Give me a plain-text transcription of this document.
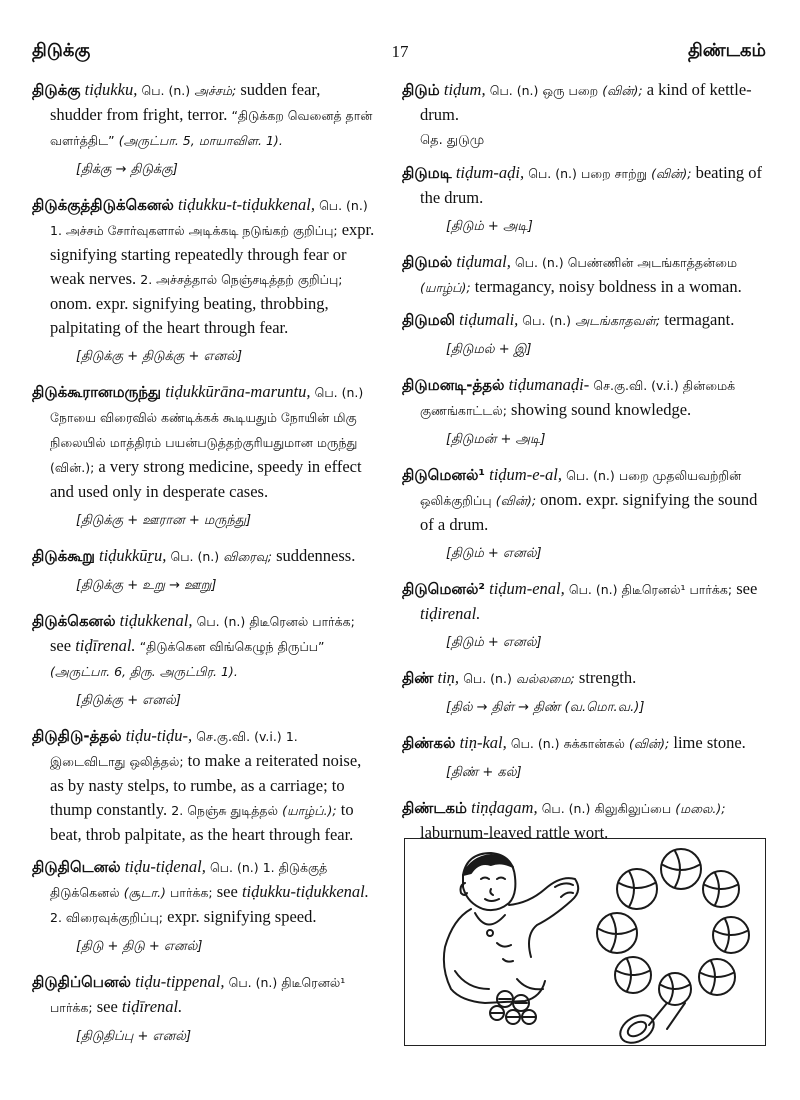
திடுக்கு	17	திண்டகம்

திடுக்கு tiḍukku, பெ. (n.) அச்சம்; sudden fear, shudder from fright, terror. “திடுக்கற வெனைத் தான் வளர்த்திட” (அருட்பா. 5, மாயாவிள. 1).

[திக்கு → திடுக்கு]

திடுக்குத்திடுக்கெனல் tiḍukku-t-tiḍukkenal, பெ. (n.) 1. அச்சம் சோர்வுகளால் அடிக்கடி நடுங்கற் குறிப்பு; expr. signifying starting repeatedly through fear or weak nerves. 2. அச்சத்தால் நெஞ்சடித்தற் குறிப்பு; onom. expr. signifying beating, throbbing, palpitating of the heart through fear.

[திடுக்கு + திடுக்கு + எனல்]

திடுக்கூரானமருந்து tiḍukkūrāna-maruntu, பெ. (n.) நோயை விரைவில் கண்டிக்கக் கூடியதும் நோயின் மிகு நிலையில் மாத்திரம் பயன்படுத்தற்குரியதுமான மருந்து (வின்.); a very strong medicine, speedy in effect and used only in desperate cases.

[திடுக்கு + ஊரான + மருந்து]

திடுக்கூறு tiḍukkūṟu, பெ. (n.) விரைவு; suddenness.

[திடுக்கு + உறு → ஊறு]

திடுக்கெனல் tiḍukkenal, பெ. (n.) திடீரெனல் பார்க்க; see tiḍīrenal. “திடுக்கென விங்கெழுந் திருப்ப” (அருட்பா. 6, திரு. அருட்பிர. 1).

[திடுக்கு + எனல்]

திடுதிடு-த்தல் tiḍu-tiḍu-, செ.கு.வி. (v.i.) 1. இடைவிடாது ஒலித்தல்; to make a reiterated noise, as by nasty stelps, to rumbe, as a carriage; to thump constantly. 2. நெஞ்சு துடித்தல் (யாழ்ப்.); to beat, throb palpitate, as the heart through fear.

திடுதிடெனல் tiḍu-tiḍenal, பெ. (n.) 1. திடுக்குத் திடுக்கெனல் (சூடா.) பார்க்க; see tiḍukku-tiḍukkenal. 2. விரைவுக்குறிப்பு; expr. signifying speed.

[திடு + திடு + எனல்]

திடுதிப்பெனல் tiḍu-tippenal, பெ. (n.) திடீரெனல்¹ பார்க்க; see tiḍīrenal.

[திடுதிப்பு + எனல்]

திடும் tiḍum, பெ. (n.) ஒரு பறை (வின்); a kind of kettle-drum.

தெ. துடுமு

திடுமடி tiḍum-aḍi, பெ. (n.) பறை சாற்று (வின்); beating of the drum.

[திடும் + அடி]

திடுமல் tiḍumal, பெ. (n.) பெண்ணின் அடங்காத்தன்மை (யாழ்ப்); termagancy, noisy boldness in a woman.

திடுமலி tiḍumali, பெ. (n.) அடங்காதவள்; termagant.

[திடுமல் + இ]

திடுமனடி-த்தல் tiḍumanaḍi- செ.கு.வி. (v.i.) தின்மைக் குணங்காட்டல்; showing sound knowledge.

[திடுமன் + அடி]

திடுமெனல்¹ tiḍum-e-al, பெ. (n.) பறை முதலியவற்றின் ஒலிக்குறிப்பு (வின்); onom. expr. signifying the sound of a drum.

[திடும் + எனல்]

திடுமெனல்² tiḍum-enal, பெ. (n.) திடீரெனல்¹ பார்க்க; see tiḍirenal.

[திடும் + எனல்]

திண் tiṇ, பெ. (n.) வல்லமை; strength.

[தில் → திள் → திண் (வ.மொ.வ.)]

திண்கல் tiṇ-kal, பெ. (n.) சுக்கான்கல் (வின்); lime stone.

[திண் + கல்]

திண்டகம் tiṇḍagam, பெ. (n.) கிலுகிலுப்பை (மலை.); laburnum-leaved rattle wort.
